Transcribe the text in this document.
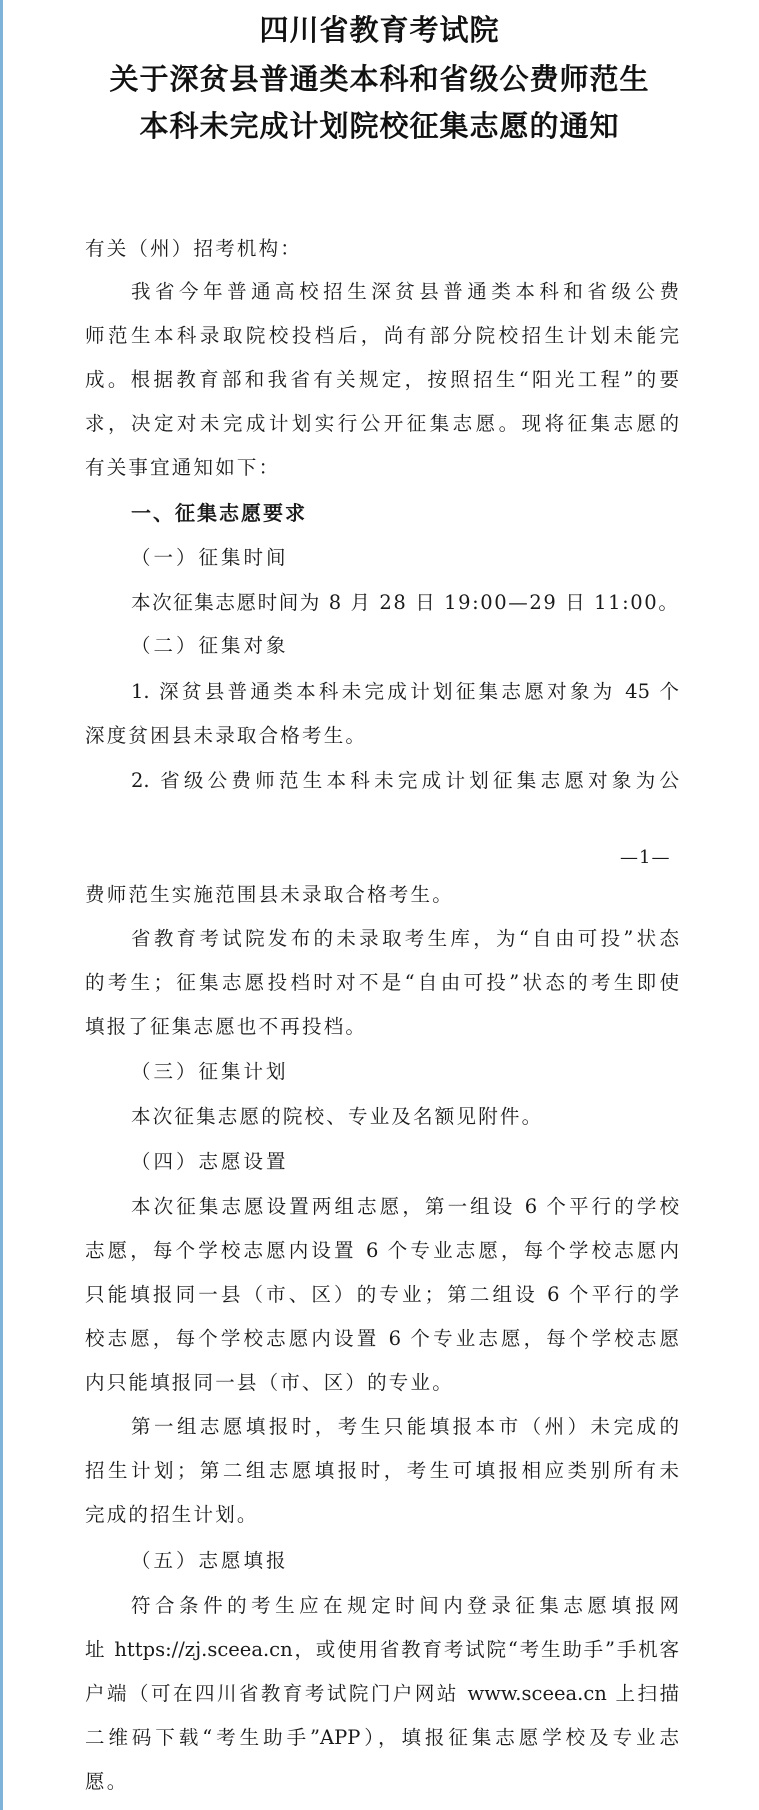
四川省教育考试院
关于深贫县普通类本科和省级公费师范生
本科未完成计划院校征集志愿的通知
有关（州）招考机构：
我省今年普通高校招生深贫县普通类本科和省级公费
师范生本科录取院校投档后，尚有部分院校招生计划未能完
成。根据教育部和我省有关规定，按照招生“阳光工程”的要
求，决定对未完成计划实行公开征集志愿。现将征集志愿的
有关事宜通知如下：
一、征集志愿要求
（一）征集时间
本次征集志愿时间为 8 月 28 日 19:00—29 日 11:00。
（二）征集对象
1. 深贫县普通类本科未完成计划征集志愿对象为 45 个
深度贫困县未录取合格考生。
2. 省级公费师范生本科未完成计划征集志愿对象为公
—1—
费师范生实施范围县未录取合格考生。
省教育考试院发布的未录取考生库，为“自由可投”状态
的考生；征集志愿投档时对不是“自由可投”状态的考生即使
填报了征集志愿也不再投档。
（三）征集计划
本次征集志愿的院校、专业及名额见附件。
（四）志愿设置
本次征集志愿设置两组志愿，第一组设 6 个平行的学校
志愿，每个学校志愿内设置 6 个专业志愿，每个学校志愿内
只能填报同一县（市、区）的专业；第二组设 6 个平行的学
校志愿，每个学校志愿内设置 6 个专业志愿，每个学校志愿
内只能填报同一县（市、区）的专业。
第一组志愿填报时，考生只能填报本市（州）未完成的
招生计划；第二组志愿填报时，考生可填报相应类别所有未
完成的招生计划。
（五）志愿填报
符合条件的考生应在规定时间内登录征集志愿填报网
址 https://zj.sceea.cn，或使用省教育考试院“考生助手”手机客
户端（可在四川省教育考试院门户网站 www.sceea.cn 上扫描
二维码下载“考生助手”APP），填报征集志愿学校及专业志
愿。
